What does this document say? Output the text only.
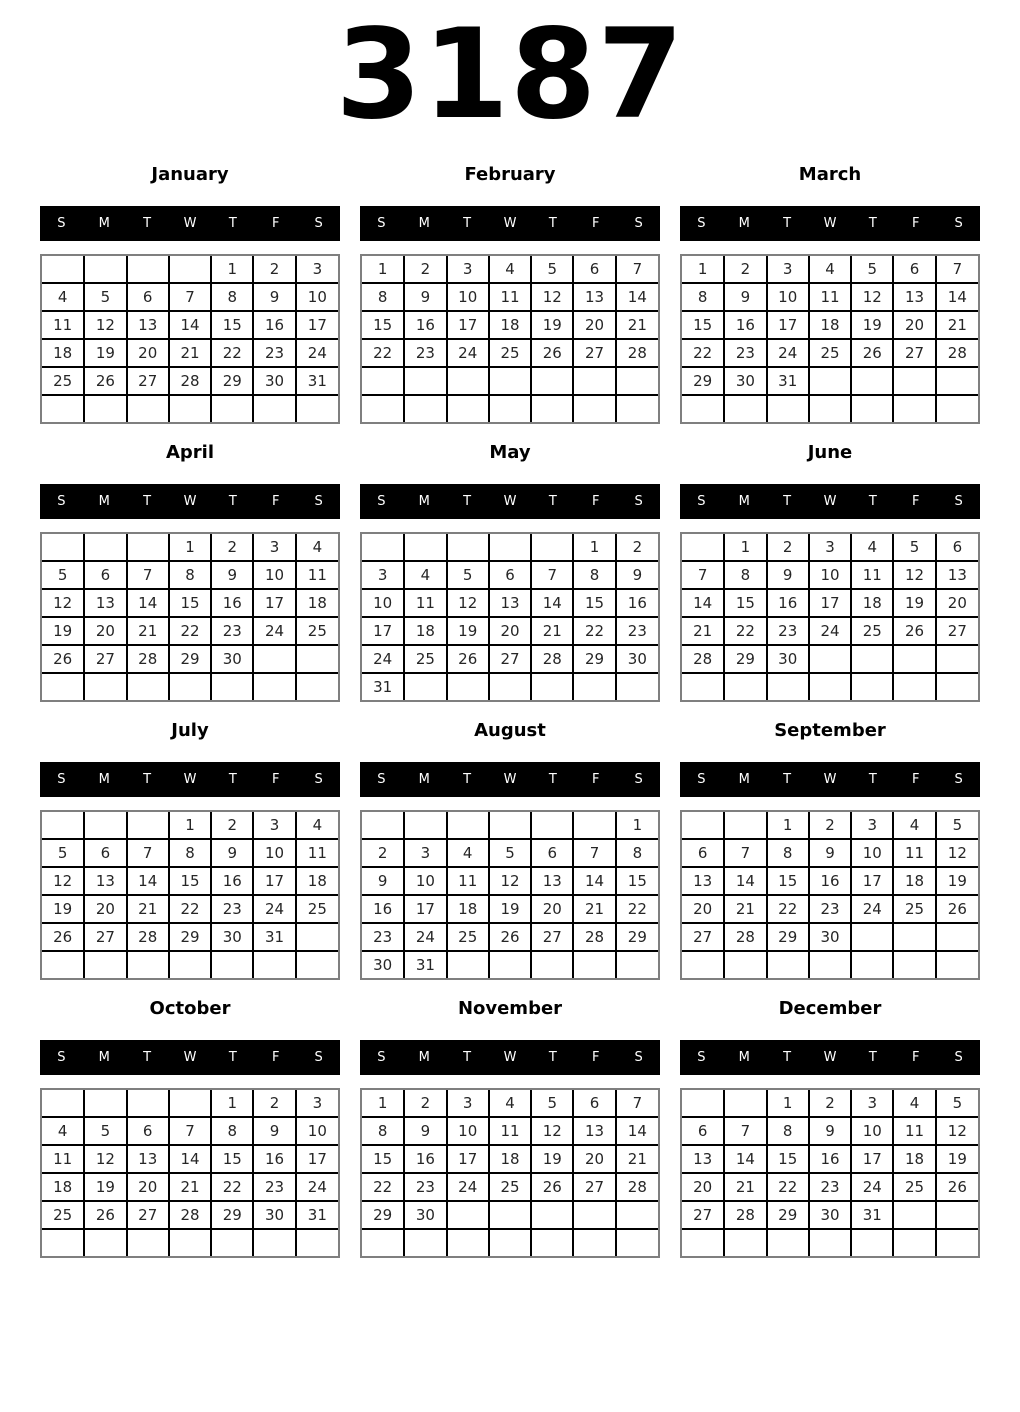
3187
January
S	M	T	W	T	F	S
				1	2	3
4	5	6	7	8	9	10
11	12	13	14	15	16	17
18	19	20	21	22	23	24
25	26	27	28	29	30	31

February
S	M	T	W	T	F	S
1	2	3	4	5	6	7
8	9	10	11	12	13	14
15	16	17	18	19	20	21
22	23	24	25	26	27	28

March
S	M	T	W	T	F	S
1	2	3	4	5	6	7
8	9	10	11	12	13	14
15	16	17	18	19	20	21
22	23	24	25	26	27	28
29	30	31				

April
S	M	T	W	T	F	S
			1	2	3	4
5	6	7	8	9	10	11
12	13	14	15	16	17	18
19	20	21	22	23	24	25
26	27	28	29	30		

May
S	M	T	W	T	F	S
					1	2
3	4	5	6	7	8	9
10	11	12	13	14	15	16
17	18	19	20	21	22	23
24	25	26	27	28	29	30
31						
June
S	M	T	W	T	F	S
	1	2	3	4	5	6
7	8	9	10	11	12	13
14	15	16	17	18	19	20
21	22	23	24	25	26	27
28	29	30				

July
S	M	T	W	T	F	S
			1	2	3	4
5	6	7	8	9	10	11
12	13	14	15	16	17	18
19	20	21	22	23	24	25
26	27	28	29	30	31	

August
S	M	T	W	T	F	S
						1
2	3	4	5	6	7	8
9	10	11	12	13	14	15
16	17	18	19	20	21	22
23	24	25	26	27	28	29
30	31					
September
S	M	T	W	T	F	S
		1	2	3	4	5
6	7	8	9	10	11	12
13	14	15	16	17	18	19
20	21	22	23	24	25	26
27	28	29	30			

October
S	M	T	W	T	F	S
				1	2	3
4	5	6	7	8	9	10
11	12	13	14	15	16	17
18	19	20	21	22	23	24
25	26	27	28	29	30	31

November
S	M	T	W	T	F	S
1	2	3	4	5	6	7
8	9	10	11	12	13	14
15	16	17	18	19	20	21
22	23	24	25	26	27	28
29	30					

December
S	M	T	W	T	F	S
		1	2	3	4	5
6	7	8	9	10	11	12
13	14	15	16	17	18	19
20	21	22	23	24	25	26
27	28	29	30	31		
